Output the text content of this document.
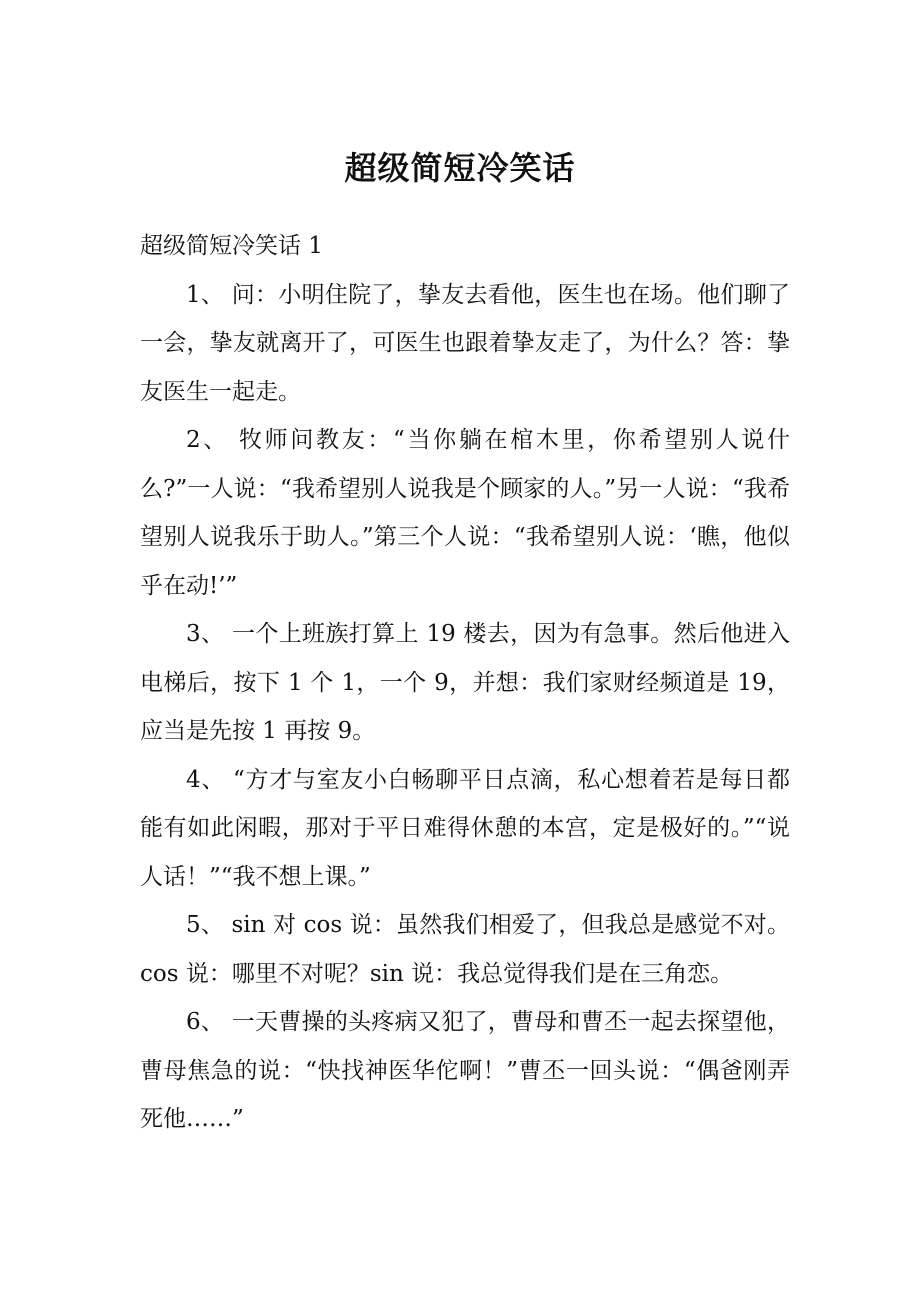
超级简短冷笑话

超级简短冷笑话 1

1、 问：小明住院了，挚友去看他，医生也在场。他们聊了一会，挚友就离开了，可医生也跟着挚友走了，为什么？答：挚友医生一起走。

2、 牧师问教友：“当你躺在棺木里，你希望别人说什么?”一人说：“我希望别人说我是个顾家的人。”另一人说：“我希望别人说我乐于助人。”第三个人说：“我希望别人说：‘瞧，他似乎在动!’”

3、 一个上班族打算上 19 楼去，因为有急事。然后他进入电梯后，按下 1 个 1，一个 9，并想：我们家财经频道是 19，应当是先按 1 再按 9。

4、 “方才与室友小白畅聊平日点滴，私心想着若是每日都能有如此闲暇，那对于平日难得休憩的本宫，定是极好的。”“说人话！”“我不想上课。”

5、 sin 对 cos 说：虽然我们相爱了，但我总是感觉不对。cos 说：哪里不对呢？sin 说：我总觉得我们是在三角恋。

6、 一天曹操的头疼病又犯了，曹母和曹丕一起去探望他，曹母焦急的说：“快找神医华佗啊！”曹丕一回头说：“偶爸刚弄死他……”
